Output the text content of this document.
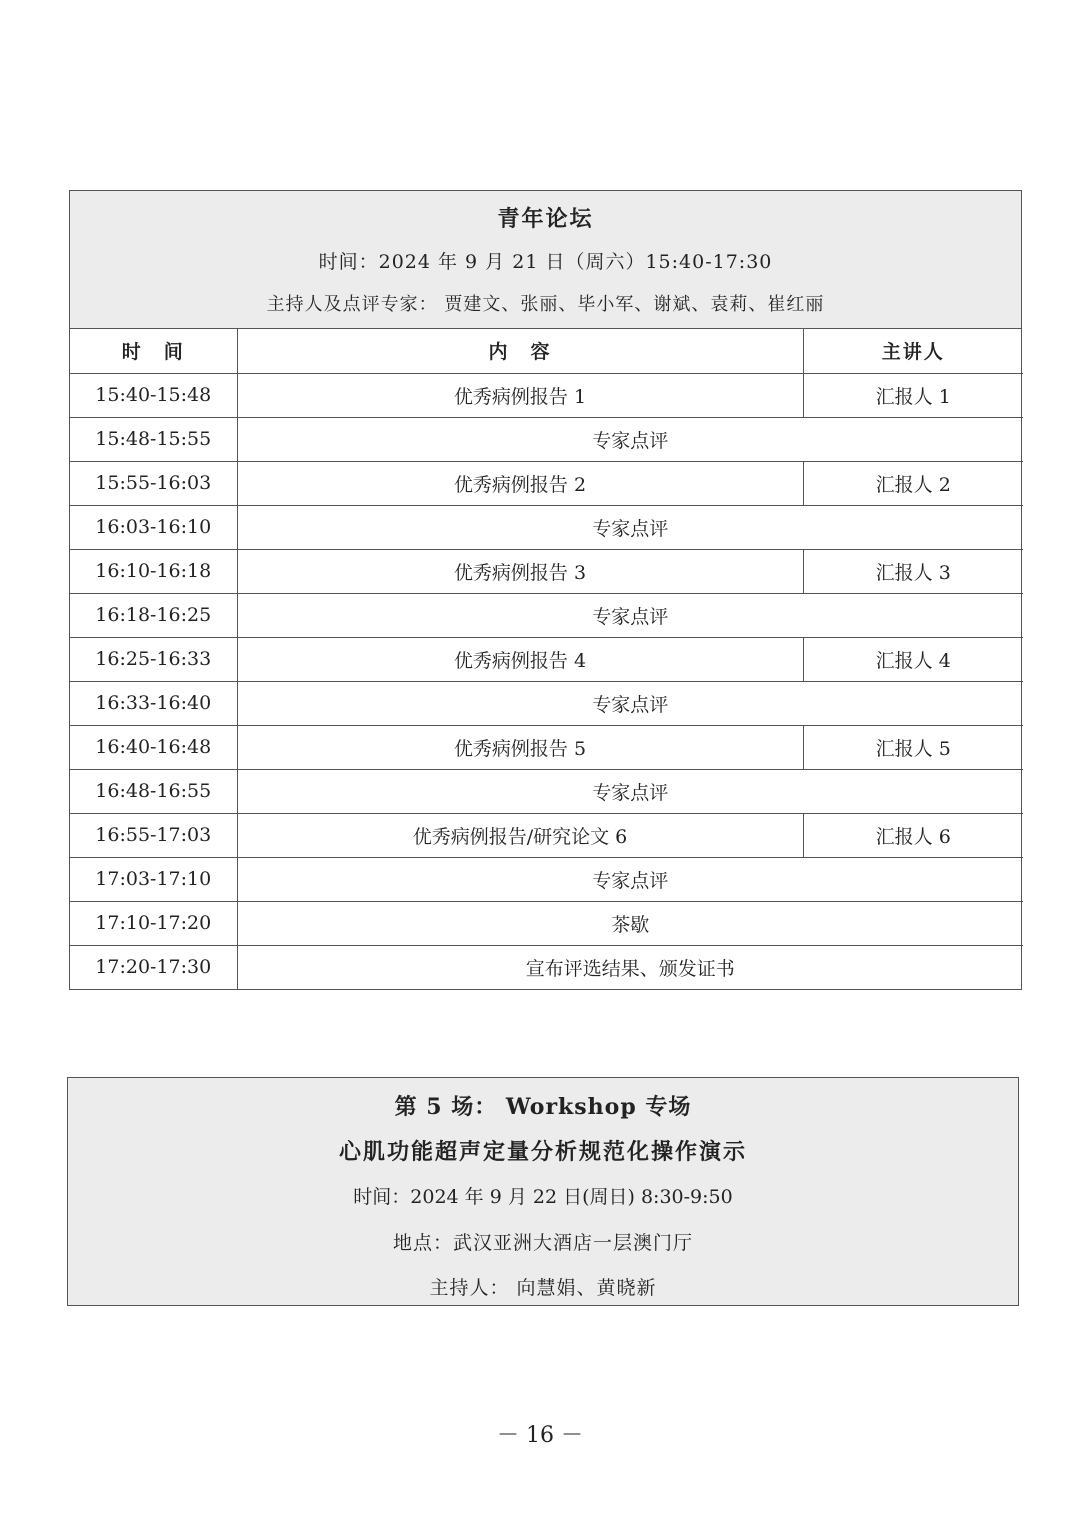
青年论坛
时间：2024 年 9 月 21 日（周六）15:40-17:30
主持人及点评专家： 贾建文、张丽、毕小军、谢斌、袁莉、崔红丽
时　间	内　容	主讲人
15:40-15:48	优秀病例报告 1	汇报人 1
15:48-15:55	专家点评	
15:55-16:03	优秀病例报告 2	汇报人 2
16:03-16:10	专家点评	
16:10-16:18	优秀病例报告 3	汇报人 3
16:18-16:25	专家点评	
16:25-16:33	优秀病例报告 4	汇报人 4
16:33-16:40	专家点评	
16:40-16:48	优秀病例报告 5	汇报人 5
16:48-16:55	专家点评	
16:55-17:03	优秀病例报告/研究论文 6	汇报人 6
17:03-17:10	专家点评	
17:10-17:20	茶歇	
17:20-17:30	宣布评选结果、颁发证书	
第 5 场： Workshop 专场
心肌功能超声定量分析规范化操作演示
时间：2024 年 9 月 22 日(周日) 8:30-9:50
地点：武汉亚洲大酒店一层澳门厅
主持人： 向慧娟、黄晓新
－ 16 －
